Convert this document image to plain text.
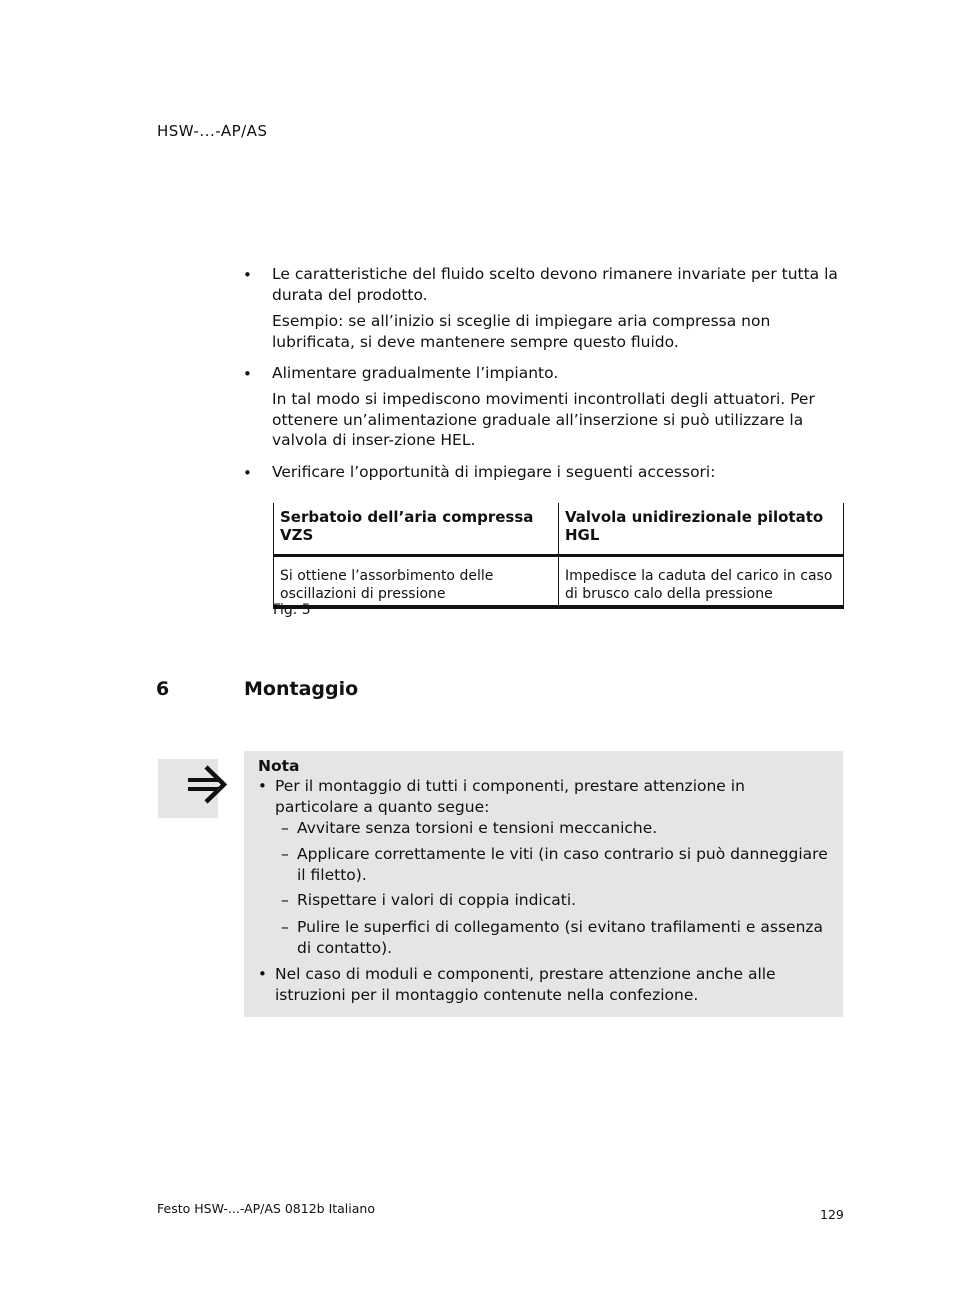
HSW-...-AP/AS
• Le caratteristiche del fluido scelto devono rimanere invariate per tutta la durata del prodotto.
Esempio: se all’inizio si sceglie di impiegare aria compressa non lubrificata, si deve mantenere sempre questo fluido.
• Alimentare gradualmente l’impianto.
In tal modo si impediscono movimenti incontrollati degli attuatori. Per ottenere un’alimentazione graduale all’inserzione si può utilizzare la valvola di inser-zione HEL.
• Verificare l’opportunità di impiegare i seguenti accessori:
Serbatoio dell’aria compressa VZS	Valvola unidirezionale pilotato HGL
Si ottiene l’assorbimento delle oscillazioni di pressione	Impedisce la caduta del carico in caso di brusco calo della pressione
Fig. 5
6	Montaggio
Nota
• Per il montaggio di tutti i componenti, prestare attenzione in particolare a quanto segue:
– Avvitare senza torsioni e tensioni meccaniche.
– Applicare correttamente le viti (in caso contrario si può danneggiare il filetto).
– Rispettare i valori di coppia indicati.
– Pulire le superfici di collegamento (si evitano trafilamenti e assenza di contatto).
• Nel caso di moduli e componenti, prestare attenzione anche alle istruzioni per il montaggio contenute nella confezione.
Festo HSW-...-AP/AS 0812b Italiano	129
